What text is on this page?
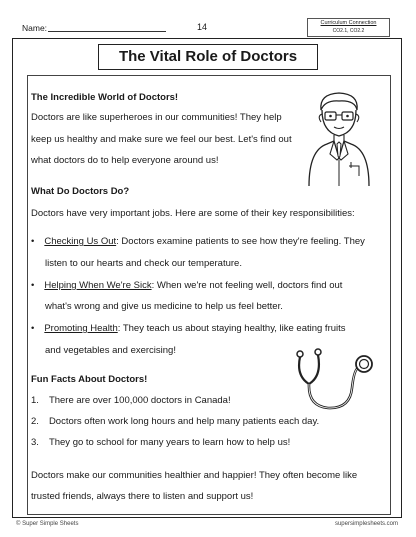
Name:	14	Curriculum Connection
CO2.1, CO2.2
The Vital Role of Doctors
The Incredible World of Doctors!
Doctors are like superheroes in our communities! They help
keep us healthy and make sure we feel our best. Let's find out
what doctors do to help everyone around us!
What Do Doctors Do?
Doctors have very important jobs. Here are some of their key responsibilities:
• Checking Us Out: Doctors examine patients to see how they're feeling. They
listen to our hearts and check our temperature.
• Helping When We're Sick: When we're not feeling well, doctors find out
what's wrong and give us medicine to help us feel better.
• Promoting Health: They teach us about staying healthy, like eating fruits
and vegetables and exercising!
Fun Facts About Doctors!
1. There are over 100,000 doctors in Canada!
2. Doctors often work long hours and help many patients each day.
3. They go to school for many years to learn how to help us!
Doctors make our communities healthier and happier! They often become like
trusted friends, always there to listen and support us!
© Super Simple Sheets	supersimplesheets.com
